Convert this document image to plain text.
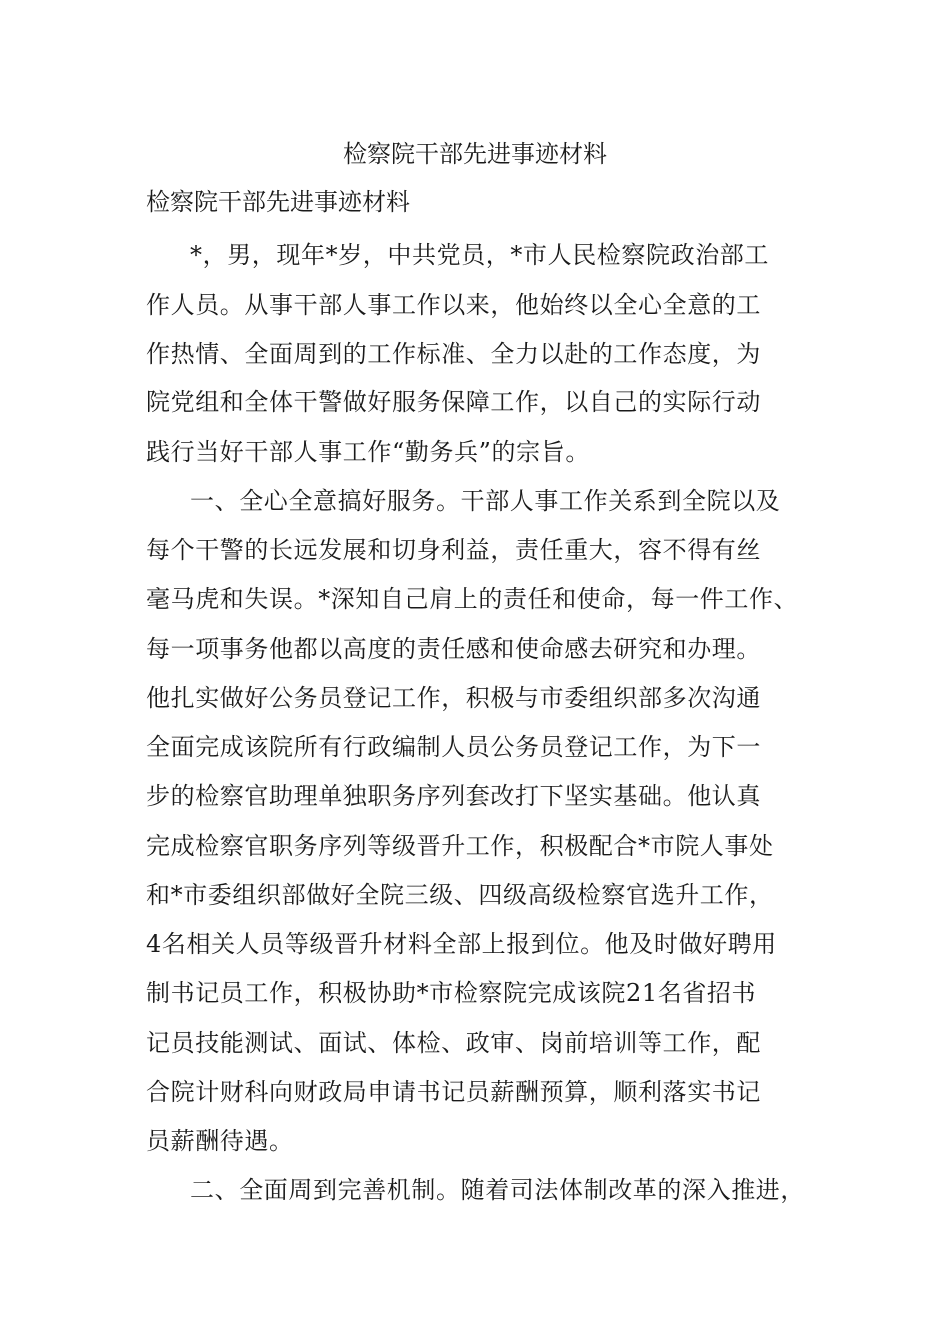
检察院干部先进事迹材料
检察院干部先进事迹材料
*，男，现年*岁，中共党员，*市人民检察院政治部工
作人员。从事干部人事工作以来，他始终以全心全意的工
作热情、全面周到的工作标准、全力以赴的工作态度，为
院党组和全体干警做好服务保障工作，以自己的实际行动
践行当好干部人事工作“勤务兵”的宗旨。
一、全心全意搞好服务。干部人事工作关系到全院以及
每个干警的长远发展和切身利益，责任重大，容不得有丝
毫马虎和失误。*深知自己肩上的责任和使命，每一件工作、
每一项事务他都以高度的责任感和使命感去研究和办理。
他扎实做好公务员登记工作，积极与市委组织部多次沟通
全面完成该院所有行政编制人员公务员登记工作，为下一
步的检察官助理单独职务序列套改打下坚实基础。他认真
完成检察官职务序列等级晋升工作，积极配合*市院人事处
和*市委组织部做好全院三级、四级高级检察官选升工作，
4名相关人员等级晋升材料全部上报到位。他及时做好聘用
制书记员工作，积极协助*市检察院完成该院21名省招书
记员技能测试、面试、体检、政审、岗前培训等工作，配
合院计财科向财政局申请书记员薪酬预算，顺利落实书记
员薪酬待遇。
二、全面周到完善机制。随着司法体制改革的深入推进，
